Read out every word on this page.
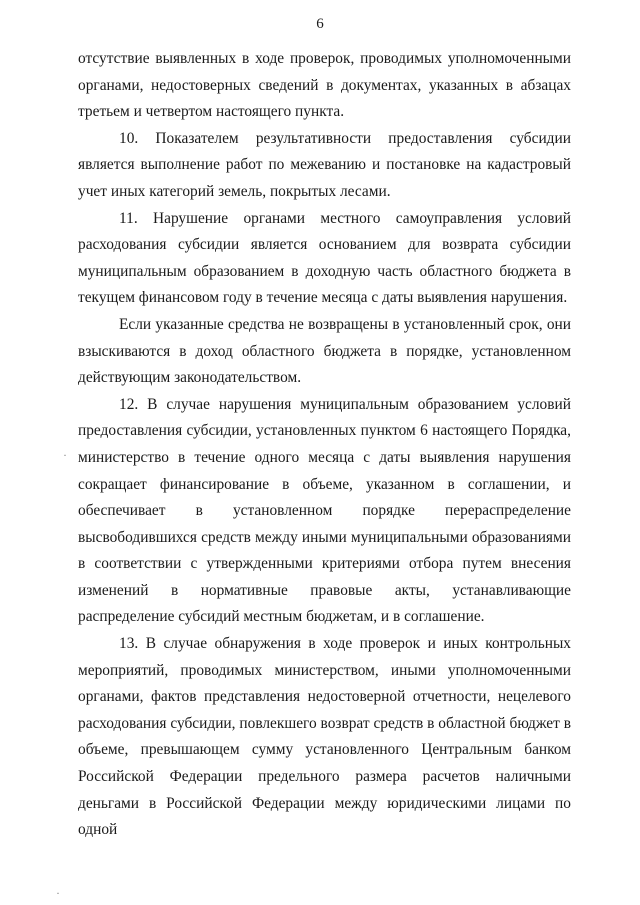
6

отсутствие выявленных в ходе проверок, проводимых уполномоченными органами, недостоверных сведений в документах, указанных в абзацах третьем и четвертом настоящего пункта.

10. Показателем результативности предоставления субсидии является выполнение работ по межеванию и постановке на кадастровый учет иных категорий земель, покрытых лесами.

11. Нарушение органами местного самоуправления условий расходования субсидии является основанием для возврата субсидии муниципальным образованием в доходную часть областного бюджета в текущем финансовом году в течение месяца с даты выявления нарушения.

Если указанные средства не возвращены в установленный срок, они взыскиваются в доход областного бюджета в порядке, установленном действующим законодательством.

12. В случае нарушения муниципальным образованием условий предоставления субсидии, установленных пунктом 6 настоящего Порядка, министерство в течение одного месяца с даты выявления нарушения сокращает финансирование в объеме, указанном в соглашении, и обеспечивает в установленном порядке перераспределение высвободившихся средств между иными муниципальными образованиями в соответствии с утвержденными критериями отбора путем внесения изменений в нормативные правовые акты, устанавливающие распределение субсидий местным бюджетам, и в соглашение.

13. В случае обнаружения в ходе проверок и иных контрольных мероприятий, проводимых министерством, иными уполномоченными органами, фактов представления недостоверной отчетности, нецелевого расходования субсидии, повлекшего возврат средств в областной бюджет в объеме, превышающем сумму установленного Центральным банком Российской Федерации предельного размера расчетов наличными деньгами в Российской Федерации между юридическими лицами по одной

·
·
